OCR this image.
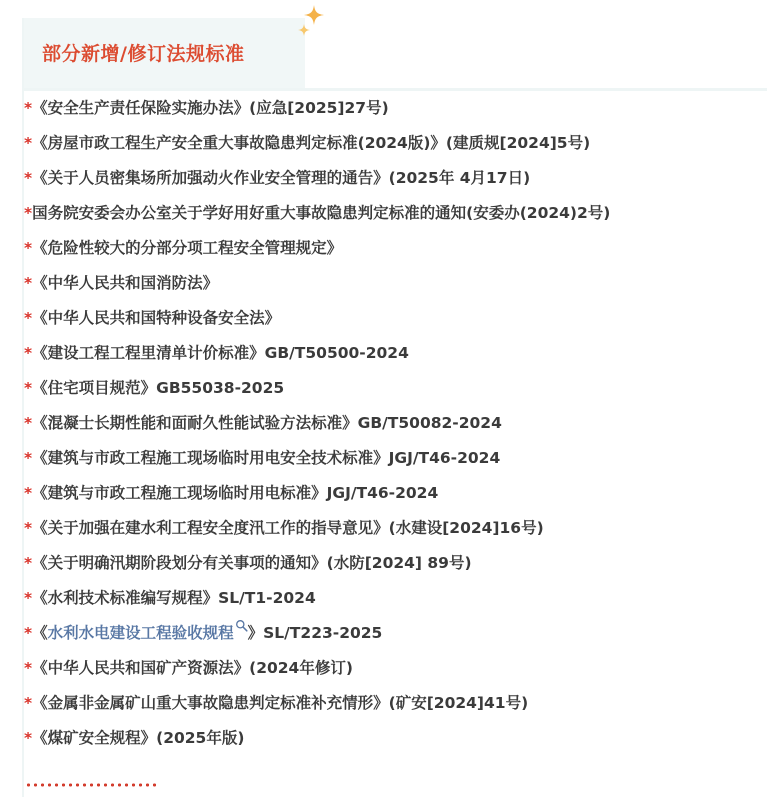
部分新增/修订法规标准
*《安全生产责任保险实施办法》(应急[2025]27号)
*《房屋市政工程生产安全重大事故隐患判定标准(2024版)》(建质规[2024]5号)
*《关于人员密集场所加强动火作业安全管理的通告》(2025年 4月17日)
*国务院安委会办公室关于学好用好重大事故隐患判定标准的通知(安委办(2024)2号)
*《危险性较大的分部分项工程安全管理规定》
*《中华人民共和国消防法》
*《中华人民共和国特种设备安全法》
*《建设工程工程里清单计价标准》GB/T50500-2024
*《住宅项目规范》GB55038-2025
*《混凝士长期性能和面耐久性能试验方法标准》GB/T50082-2024
*《建筑与市政工程施工现场临时用电安全技术标准》JGJ/T46-2024
*《建筑与市政工程施工现场临时用电标准》JGJ/T46-2024
*《关于加强在建水利工程安全度汛工作的指导意见》(水建设[2024]16号)
*《关于明确汛期阶段划分有关事项的通知》(水防[2024] 89号)
*《水利技术标准编写规程》SL/T1-2024
*《水利水电建设工程验收规程 》SL/T223-2025
*《中华人民共和国矿产资源法》(2024年修订)
*《金属非金属矿山重大事故隐患判定标准补充情形》(矿安[2024]41号)
*《煤矿安全规程》(2025年版)
